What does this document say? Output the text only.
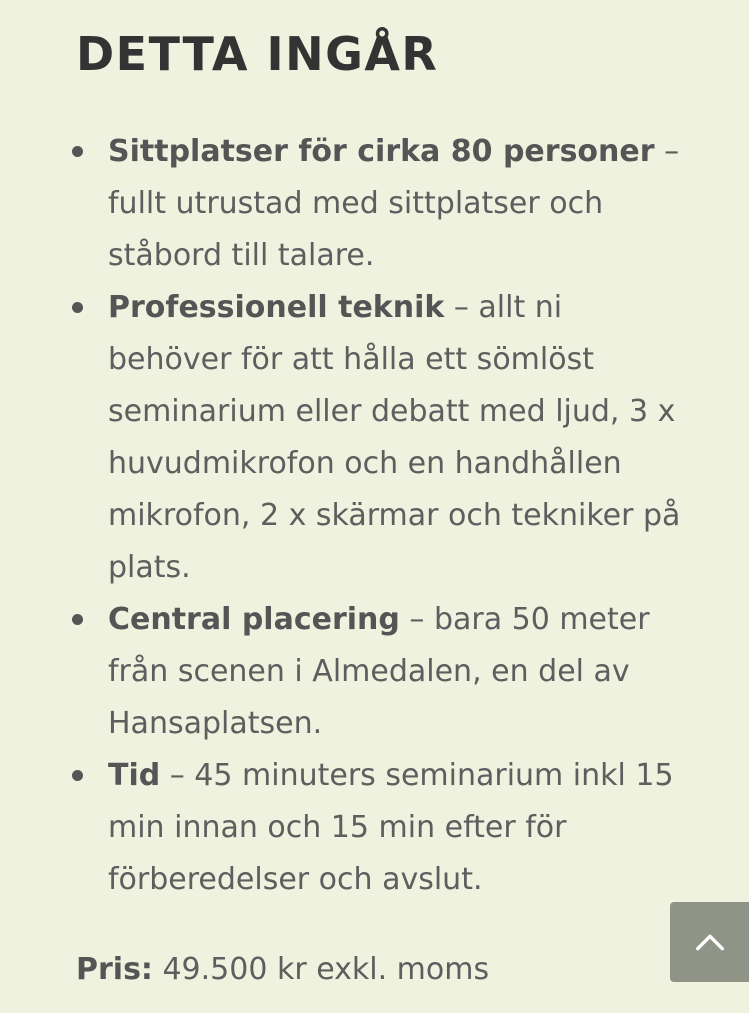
DETTA INGÅR
Sittplatser för cirka 80 personer – fullt utrustad med sittplatser och ståbord till talare.
Professionell teknik – allt ni behöver för att hålla ett sömlöst seminarium eller debatt med ljud, 3 x huvudmikrofon och en handhållen mikrofon, 2 x skärmar och tekniker på plats.
Central placering – bara 50 meter från scenen i Almedalen, en del av Hansaplatsen.
Tid – 45 minuters seminarium inkl 15 min innan och 15 min efter för förberedelser och avslut.

Pris: 49.500 kr exkl. moms
